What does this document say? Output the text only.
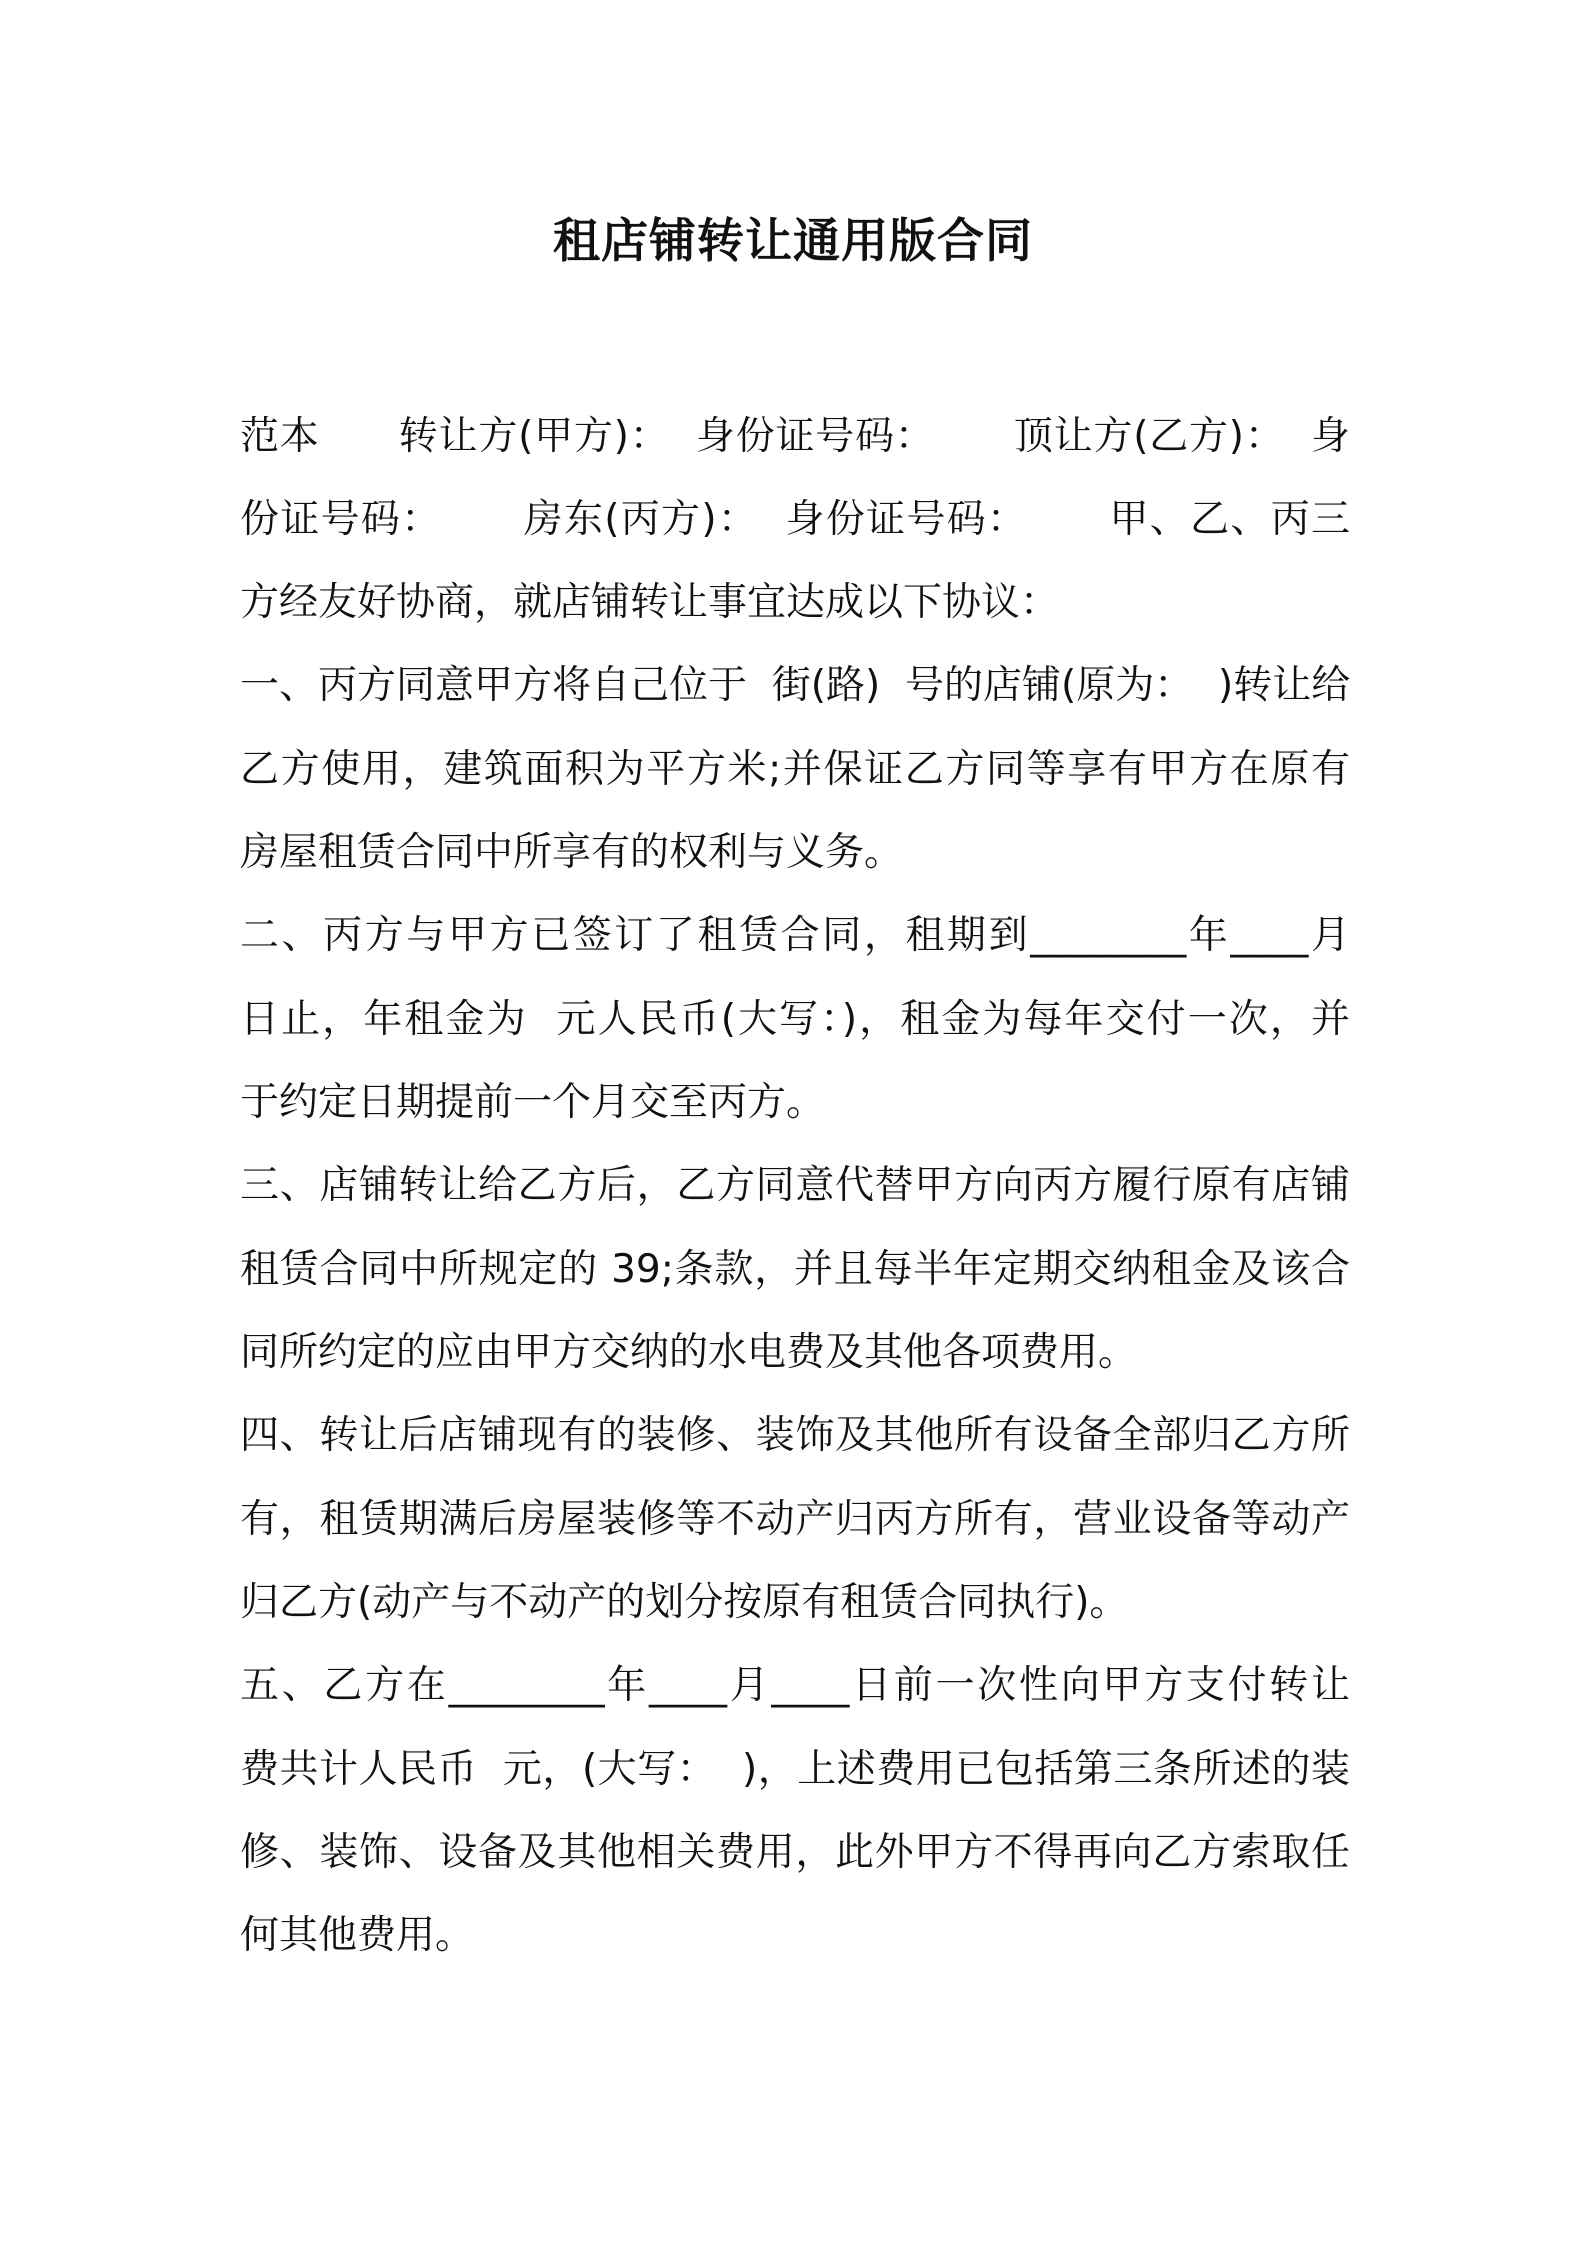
租店铺转让通用版合同
范本      转让方(甲方)：  身份证号码：      顶让方(乙方)：  身
份证号码：      房东(丙方)：  身份证号码：      甲、乙、丙三
方经友好协商，就店铺转让事宜达成以下协议：
一、丙方同意甲方将自己位于  街(路)  号的店铺(原为：  )转让给
乙方使用，建筑面积为平方米;并保证乙方同等享有甲方在原有
房屋租赁合同中所享有的权利与义务。
二、丙方与甲方已签订了租赁合同，租期到________年____月
日止，年租金为  元人民币(大写：)，租金为每年交付一次，并
于约定日期提前一个月交至丙方。
三、店铺转让给乙方后，乙方同意代替甲方向丙方履行原有店铺
租赁合同中所规定的 39;条款，并且每半年定期交纳租金及该合
同所约定的应由甲方交纳的水电费及其他各项费用。
四、转让后店铺现有的装修、装饰及其他所有设备全部归乙方所
有，租赁期满后房屋装修等不动产归丙方所有，营业设备等动产
归乙方(动产与不动产的划分按原有租赁合同执行)。
五、乙方在________年____月____日前一次性向甲方支付转让
费共计人民币  元，(大写：  )，上述费用已包括第三条所述的装
修、装饰、设备及其他相关费用，此外甲方不得再向乙方索取任
何其他费用。
